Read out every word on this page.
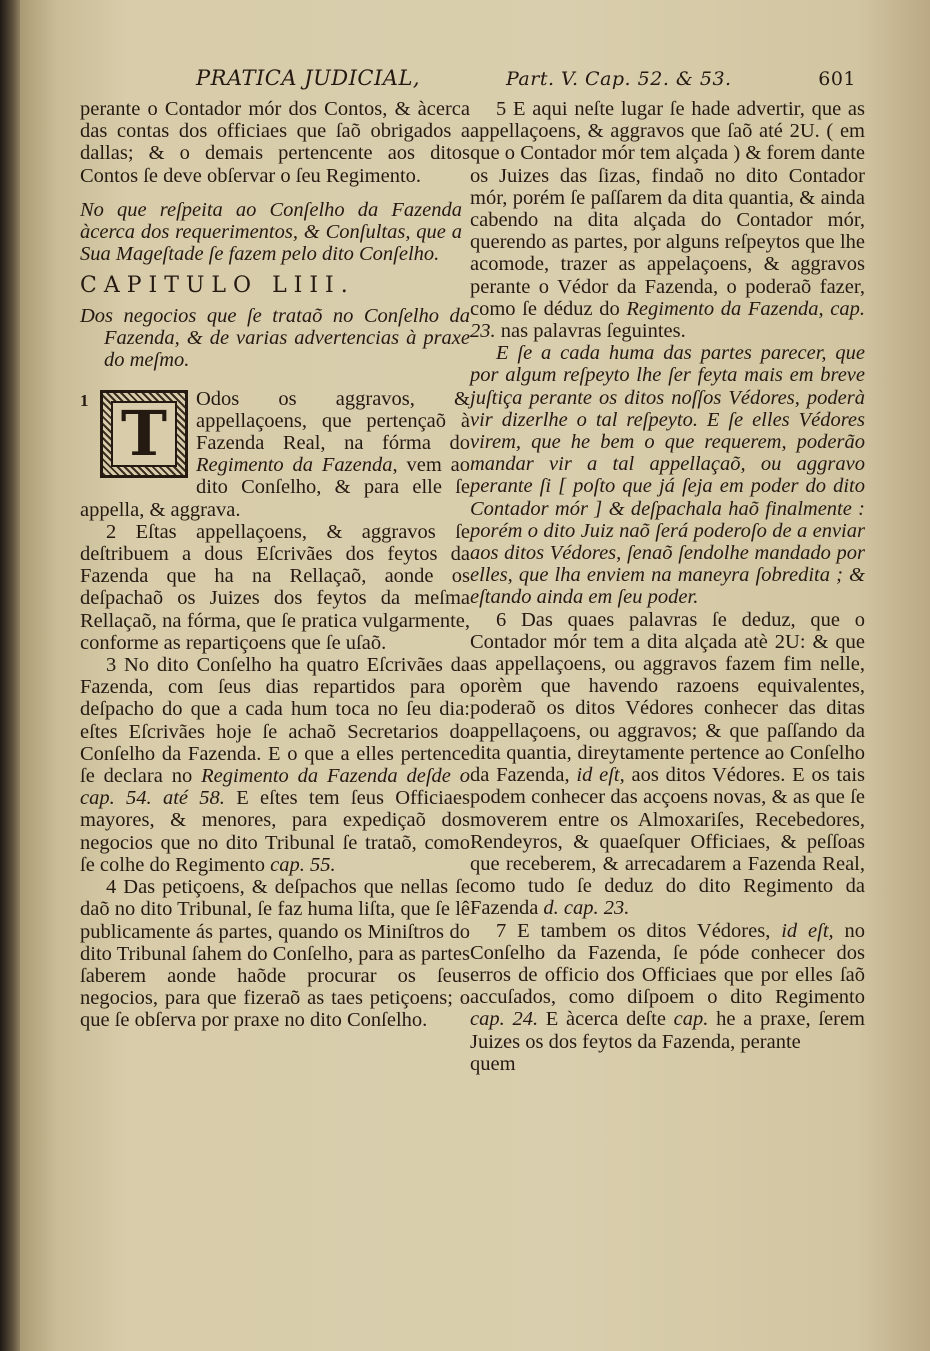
PRATICA JUDICIAL,	Part. V. Cap. 52. & 53.	601

perante o Contador mór dos Contos, & àcerca das contas dos officiaes que ſaõ obrigados a dallas; & o demais pertencente aos ditos Contos ſe deve obſervar o ſeu Regimento.

No que reſpeita ao Conſelho da Fazenda àcerca dos requerimentos, & Conſultas, que a Sua Mageſtade ſe fazem pelo dito Conſelho.

CAPITULO LIII.

Dos negocios que ſe trataõ no Conſelho da Fazenda, & de varias advertencias à praxe do meſmo.

1 T	Odos os aggravos, & appellaçoens, que pertençaõ à Fazenda Real, na fórma do Regimento da Fazenda, vem ao dito Conſelho, & para elle ſe appella, & aggrava.

2 Eſtas appellaçoens, & aggravos ſe deſtribuem a dous Eſcrivães dos feytos da Fazenda que ha na Rellaçaõ, aonde os deſpachaõ os Juizes dos feytos da meſma Rellaçaõ, na fórma, que ſe pratica vulgarmente, conforme as repartiçoens que ſe uſaõ.

3 No dito Conſelho ha quatro Eſcrivães da Fazenda, com ſeus dias repartidos para o deſpacho do que a cada hum toca no ſeu dia: eſtes Eſcrivães hoje ſe achaõ Secretarios do Conſelho da Fazenda. E o que a elles pertence ſe declara no Regimento da Fazenda deſde o cap. 54. até 58. E eſtes tem ſeus Officiaes mayores, & menores, para expediçaõ dos negocios que no dito Tribunal ſe trataõ, como ſe colhe do Regimento cap. 55.

4 Das petiçoens, & deſpachos que nellas ſe daõ no dito Tribunal, ſe faz huma liſta, que ſe lê publicamente ás partes, quando os Miniſtros do dito Tribunal ſahem do Conſelho, para as partes ſaberem aonde haõde procurar os ſeus negocios, para que fizeraõ as taes petiçoens; o que ſe obſerva por praxe no dito Conſelho.

5 E aqui neſte lugar ſe hade advertir, que as appellaçoens, & aggravos que ſaõ até 2U. ( em que o Contador mór tem alçada ) & forem dante os Juizes das ſizas, findaõ no dito Contador mór, porém ſe paſſarem da dita quantia, & ainda cabendo na dita alçada do Contador mór, querendo as partes, por alguns reſpeytos que lhe acomode, trazer as appelaçoens, & aggravos perante o Védor da Fazenda, o poderaõ fazer, como ſe déduz do Regimento da Fazenda, cap. 23. nas palavras ſeguintes.

E ſe a cada huma das partes parecer, que por algum reſpeyto lhe ſer feyta mais em breve juſtiça perante os ditos noſſos Védores, poderà vir dizerlhe o tal reſpeyto. E ſe elles Védores virem, que he bem o que requerem, poderão mandar vir a tal appellaçaõ, ou aggravo perante ſi [ poſto que já ſeja em poder do dito Contador mór ] & deſpachala haõ finalmente : porém o dito Juiz naõ ſerá poderoſo de a enviar aos ditos Védores, ſenaõ ſendolhe mandado por elles, que lha enviem na maneyra ſobredita ; & eſtando ainda em ſeu poder.

6 Das quaes palavras ſe deduz, que o Contador mór tem a dita alçada atè 2U: & que as appellaçoens, ou aggravos fazem fim nelle, porèm que havendo razoens equivalentes, poderaõ os ditos Védores conhecer das ditas appellaçoens, ou aggravos; & que paſſando da dita quantia, direytamente pertence ao Conſelho da Fazenda, id eſt, aos ditos Védores. E os tais podem conhecer das acçoens novas, & as que ſe moverem entre os Almoxariſes, Recebedores, Rendeyros, & quaeſquer Officiaes, & peſſoas que receberem, & arrecadarem a Fazenda Real, como tudo ſe deduz do dito Regimento da Fazenda d. cap. 23.

7 E tambem os ditos Védores, id eſt, no Conſelho da Fazenda, ſe póde conhecer dos erros de officio dos Officiaes que por elles ſaõ accuſados, como diſpoem o dito Regimento cap. 24. E àcerca deſte cap. he a praxe, ſerem Juizes os dos feytos da Fazenda, perante

quem
